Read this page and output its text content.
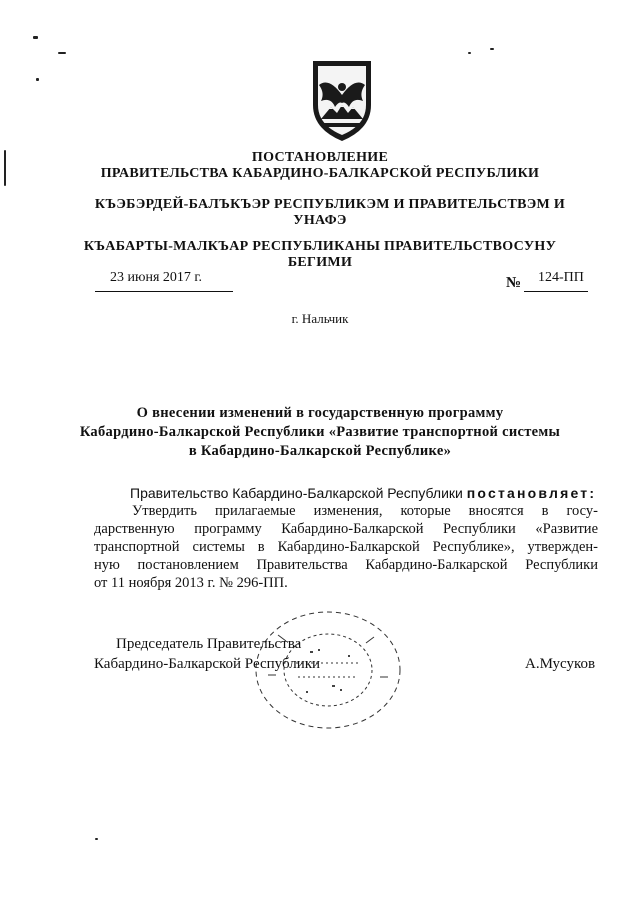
ПОСТАНОВЛЕНИЕ
ПРАВИТЕЛЬСТВА КАБАРДИНО-БАЛКАРСКОЙ РЕСПУБЛИКИ
КЪЭБЭРДЕЙ-БАЛЪКЪЭР РЕСПУБЛИКЭМ И ПРАВИТЕЛЬСТВЭМ И
УНАФЭ
КЪАБАРТЫ-МАЛКЪАР РЕСПУБЛИКАНЫ ПРАВИТЕЛЬСТВОСУНУ
БЕГИМИ
23 июня 2017 г.	№ 124-ПП
г. Нальчик
О внесении изменений в государственную программу
Кабардино-Балкарской Республики «Развитие транспортной системы
в Кабардино-Балкарской Республике»
Правительство Кабардино-Балкарской Республики постановляет:
Утвердить прилагаемые изменения, которые вносятся в госу-
дарственную программу Кабардино-Балкарской Республики «Развитие
транспортной системы в Кабардино-Балкарской Республике», утвержден-
ную постановлением Правительства Кабардино-Балкарской Республики
от 11 ноября 2013 г. № 296-ПП.
Председатель Правительства
Кабардино-Балкарской Республики	А.Мусуков
